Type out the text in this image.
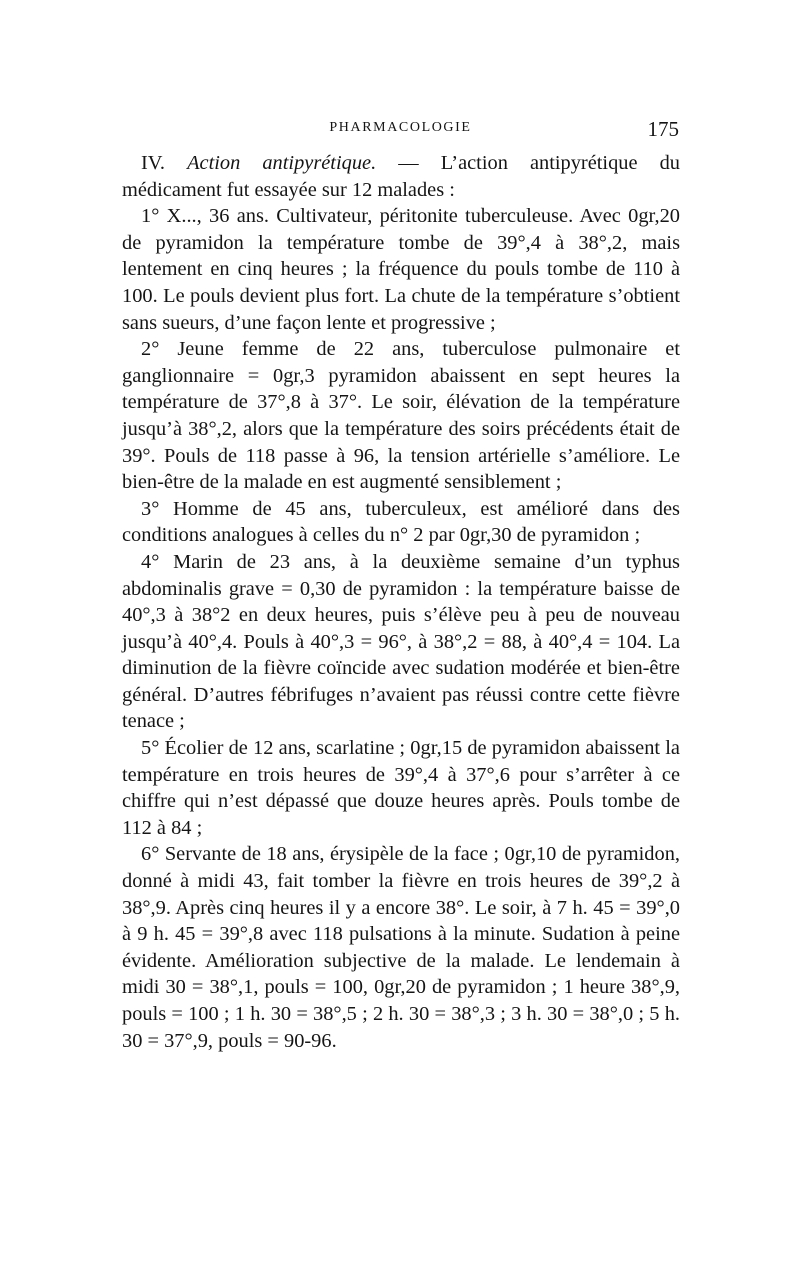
PHARMACOLOGIE	175

IV. Action antipyrétique. — L’action antipyrétique du médicament fut essayée sur 12 malades :

1° X..., 36 ans. Cultivateur, péritonite tuberculeuse. Avec 0gr,20 de pyramidon la température tombe de 39°,4 à 38°,2, mais lentement en cinq heures ; la fréquence du pouls tombe de 110 à 100. Le pouls devient plus fort. La chute de la température s’obtient sans sueurs, d’une façon lente et progressive ;

2° Jeune femme de 22 ans, tuberculose pulmonaire et ganglionnaire = 0gr,3 pyramidon abaissent en sept heures la température de 37°,8 à 37°. Le soir, élévation de la température jusqu’à 38°,2, alors que la température des soirs précédents était de 39°. Pouls de 118 passe à 96, la tension artérielle s’améliore. Le bien-être de la malade en est augmenté sensiblement ;

3° Homme de 45 ans, tuberculeux, est amélioré dans des conditions analogues à celles du n° 2 par 0gr,30 de pyramidon ;

4° Marin de 23 ans, à la deuxième semaine d’un typhus abdominalis grave = 0,30 de pyramidon : la température baisse de 40°,3 à 38°2 en deux heures, puis s’élève peu à peu de nouveau jusqu’à 40°,4. Pouls à 40°,3 = 96°, à 38°,2 = 88, à 40°,4 = 104. La diminution de la fièvre coïncide avec sudation modérée et bien-être général. D’autres fébrifuges n’avaient pas réussi contre cette fièvre tenace ;

5° Écolier de 12 ans, scarlatine ; 0gr,15 de pyramidon abaissent la température en trois heures de 39°,4 à 37°,6 pour s’arrêter à ce chiffre qui n’est dépassé que douze heures après. Pouls tombe de 112 à 84 ;

6° Servante de 18 ans, érysipèle de la face ; 0gr,10 de pyramidon, donné à midi 43, fait tomber la fièvre en trois heures de 39°,2 à 38°,9. Après cinq heures il y a encore 38°. Le soir, à 7 h. 45 = 39°,0 à 9 h. 45 = 39°,8 avec 118 pulsations à la minute. Sudation à peine évidente. Amélioration subjective de la malade. Le lendemain à midi 30 = 38°,1, pouls = 100, 0gr,20 de pyramidon ; 1 heure 38°,9, pouls = 100 ; 1 h. 30 = 38°,5 ; 2 h. 30 = 38°,3 ; 3 h. 30 = 38°,0 ; 5 h. 30 = 37°,9, pouls = 90-96.
